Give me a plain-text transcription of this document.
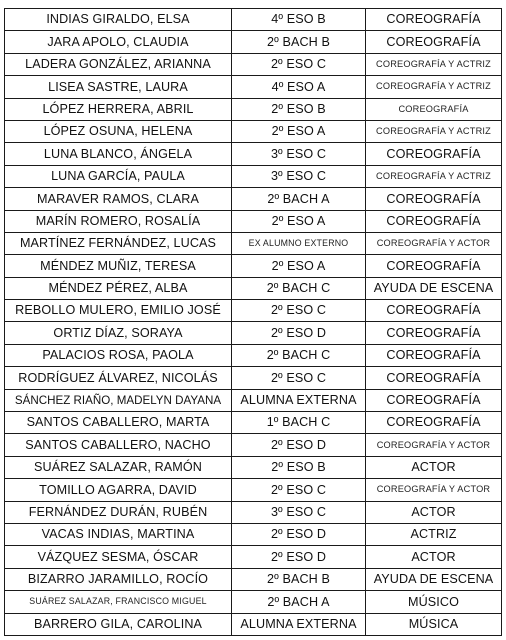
INDIAS GIRALDO, ELSA	4º ESO B	COREOGRAFÍA
JARA APOLO, CLAUDIA	2º BACH B	COREOGRAFÍA
LADERA GONZÁLEZ, ARIANNA	2º ESO C	COREOGRAFÍA Y ACTRIZ
LISEA SASTRE, LAURA	4º ESO A	COREOGRAFÍA Y ACTRIZ
LÓPEZ HERRERA, ABRIL	2º ESO B	COREOGRAFÍA
LÓPEZ OSUNA, HELENA	2º ESO A	COREOGRAFÍA Y ACTRIZ
LUNA BLANCO, ÁNGELA	3º ESO C	COREOGRAFÍA
LUNA GARCÍA, PAULA	3º ESO C	COREOGRAFÍA Y ACTRIZ
MARAVER RAMOS, CLARA	2º BACH A	COREOGRAFÍA
MARÍN ROMERO, ROSALÍA	2º ESO A	COREOGRAFÍA
MARTÍNEZ FERNÁNDEZ, LUCAS	EX ALUMNO EXTERNO	COREOGRAFÍA Y ACTOR
MÉNDEZ MUÑIZ, TERESA	2º ESO A	COREOGRAFÍA
MÉNDEZ PÉREZ, ALBA	2º BACH C	AYUDA DE ESCENA
REBOLLO MULERO, EMILIO JOSÉ	2º ESO C	COREOGRAFÍA
ORTIZ DÍAZ, SORAYA	2º ESO D	COREOGRAFÍA
PALACIOS ROSA, PAOLA	2º BACH C	COREOGRAFÍA
RODRÍGUEZ ÁLVAREZ, NICOLÁS	2º ESO C	COREOGRAFÍA
SÁNCHEZ RIAÑO, MADELYN DAYANA	ALUMNA EXTERNA	COREOGRAFÍA
SANTOS CABALLERO, MARTA	1º BACH C	COREOGRAFÍA
SANTOS CABALLERO, NACHO	2º ESO D	COREOGRAFÍA Y ACTOR
SUÁREZ SALAZAR, RAMÓN	2º ESO B	ACTOR
TOMILLO AGARRA, DAVID	2º ESO C	COREOGRAFÍA Y ACTOR
FERNÁNDEZ DURÁN, RUBÉN	3º ESO C	ACTOR
VACAS INDIAS, MARTINA	2º ESO D	ACTRIZ
VÁZQUEZ SESMA, ÓSCAR	2º ESO D	ACTOR
BIZARRO JARAMILLO, ROCÍO	2º BACH B	AYUDA DE ESCENA
SUÁREZ SALAZAR, FRANCISCO MIGUEL	2º BACH A	MÚSICO
BARRERO GILA, CAROLINA	ALUMNA EXTERNA	MÚSICA
